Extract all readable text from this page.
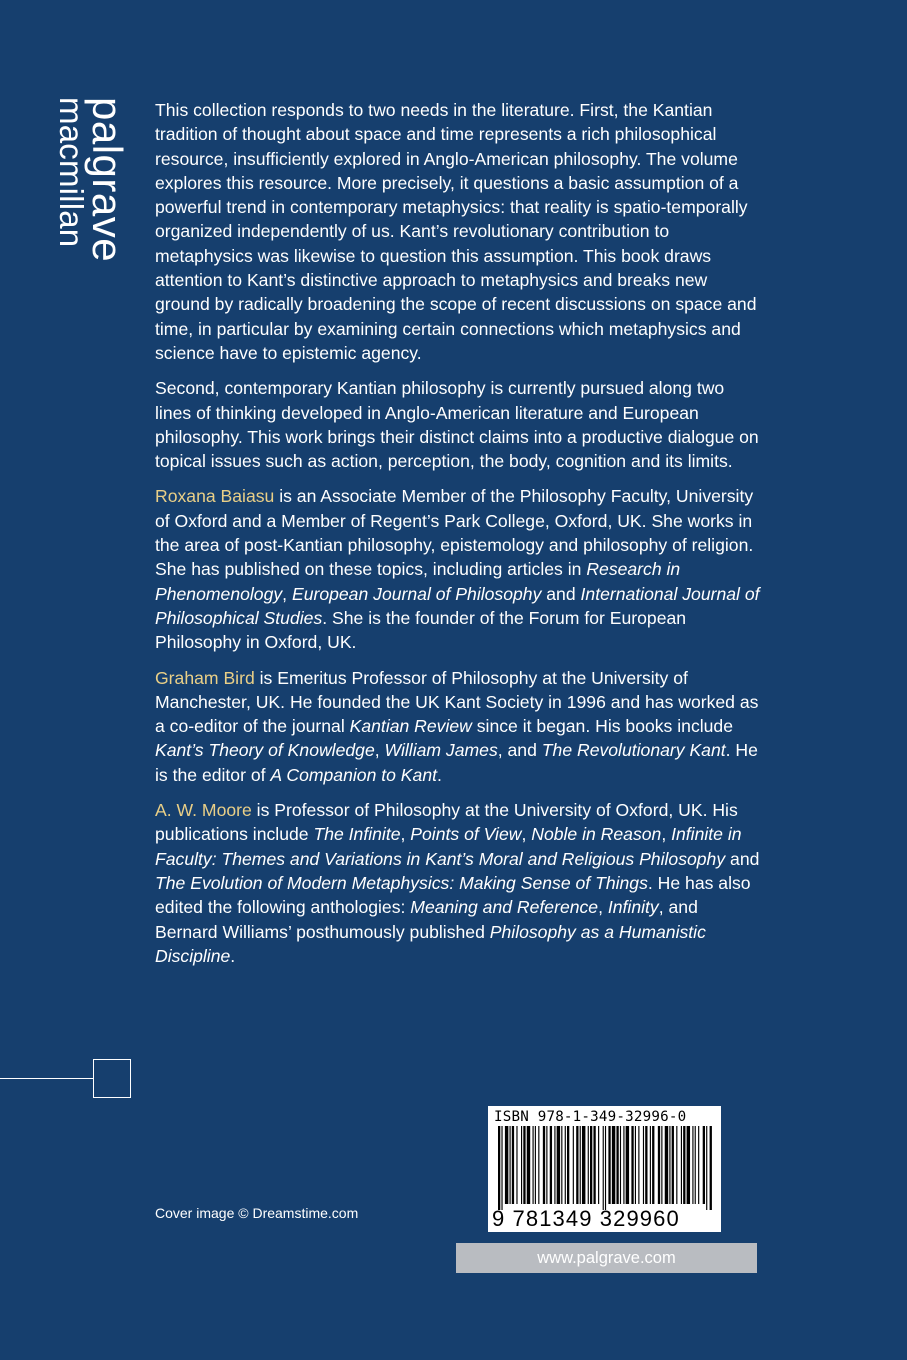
palgrave
macmillan	This collection responds to two needs in the literature. First, the Kantian tradition of thought about space and time represents a rich philosophical resource, insufficiently explored in Anglo-American philosophy. The volume explores this resource. More precisely, it questions a basic assumption of a powerful trend in contemporary metaphysics: that reality is spatio-temporally organized independently of us. Kant’s revolutionary contribution to metaphysics was likewise to question this assumption. This book draws attention to Kant’s distinctive approach to metaphysics and breaks new ground by radically broadening the scope of recent discussions on space and time, in particular by examining certain connections which metaphysics and science have to epistemic agency.

Second, contemporary Kantian philosophy is currently pursued along two lines of thinking developed in Anglo-American literature and European philosophy. This work brings their distinct claims into a productive dialogue on topical issues such as action, perception, the body, cognition and its limits.

Roxana Baiasu is an Associate Member of the Philosophy Faculty, University of Oxford and a Member of Regent’s Park College, Oxford, UK. She works in the area of post-Kantian philosophy, epistemology and philosophy of religion. She has published on these topics, including articles in Research in Phenomenology, European Journal of Philosophy and International Journal of Philosophical Studies. She is the founder of the Forum for European Philosophy in Oxford, UK.

Graham Bird is Emeritus Professor of Philosophy at the University of Manchester, UK. He founded the UK Kant Society in 1996 and has worked as a co-editor of the journal Kantian Review since it began. His books include Kant’s Theory of Knowledge, William James, and The Revolutionary Kant. He is the editor of A Companion to Kant.

A. W. Moore is Professor of Philosophy at the University of Oxford, UK. His publications include The Infinite, Points of View, Noble in Reason, Infinite in Faculty: Themes and Variations in Kant’s Moral and Religious Philosophy and The Evolution of Modern Metaphysics: Making Sense of Things. He has also edited the following anthologies: Meaning and Reference, Infinity, and Bernard Williams’ posthumously published Philosophy as a Humanistic Discipline.

Cover image © Dreamstime.com
ISBN 978-1-349-32996-0
9 781349 329960
www.palgrave.com
